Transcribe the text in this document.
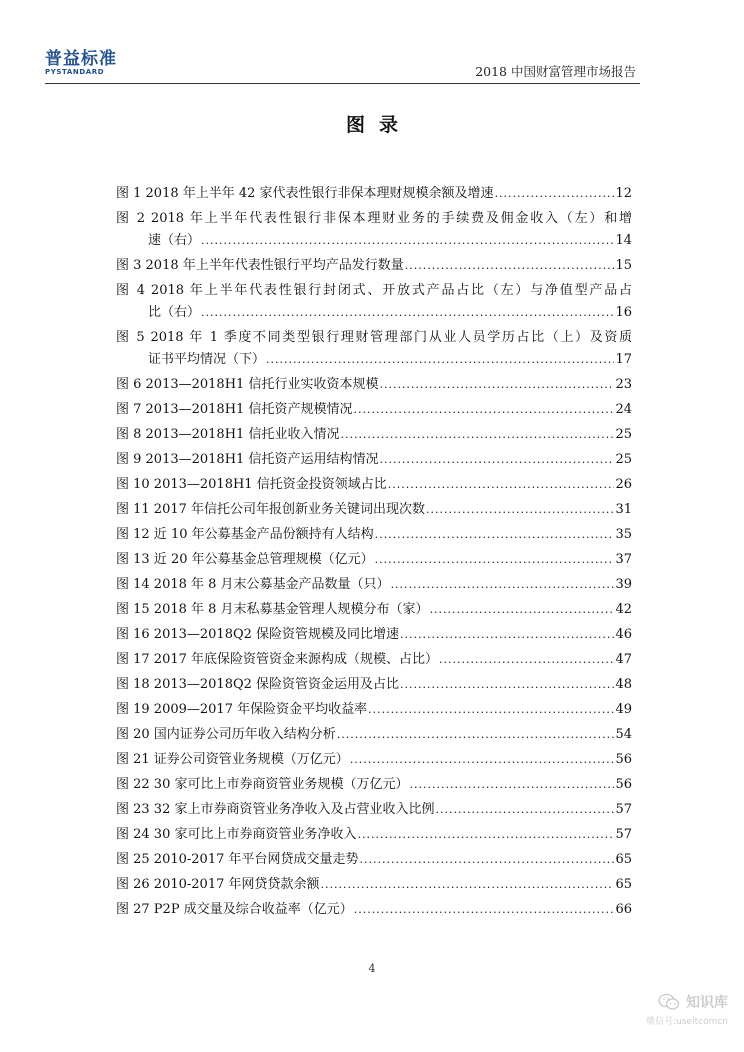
普益标准
PYSTANDARD	2018 中国财富管理市场报告
图录
图 1 2018 年上半年 42 家代表性银行非保本理财规模余额及增速 .....	12
图 2 2018 年上半年代表性银行非保本理财业务的手续费及佣金收入（左）和增
速（右） .....	14
图 3 2018 年上半年代表性银行平均产品发行数量 .....	15
图 4 2018 年上半年代表性银行封闭式、开放式产品占比（左）与净值型产品占
比（右） .....	16
图 5 2018 年 1 季度不同类型银行理财管理部门从业人员学历占比（上）及资质
证书平均情况（下） .....	17
图 6 2013—2018H1 信托行业实收资本规模 .....	23
图 7 2013—2018H1 信托资产规模情况 .....	24
图 8 2013—2018H1 信托业收入情况 .....	25
图 9 2013—2018H1 信托资产运用结构情况 .....	25
图 10 2013—2018H1 信托资金投资领域占比 .....	26
图 11 2017 年信托公司年报创新业务关键词出现次数 .....	31
图 12 近 10 年公募基金产品份额持有人结构 .....	35
图 13 近 20 年公募基金总管理规模（亿元） .....	37
图 14 2018 年 8 月末公募基金产品数量（只） .....	39
图 15 2018 年 8 月末私募基金管理人规模分布（家） .....	42
图 16 2013—2018Q2 保险资管规模及同比增速 .....	46
图 17 2017 年底保险资管资金来源构成（规模、占比） .....	47
图 18 2013—2018Q2 保险资管资金运用及占比 .....	48
图 19 2009—2017 年保险资金平均收益率 .....	49
图 20 国内证券公司历年收入结构分析 .....	54
图 21 证券公司资管业务规模（万亿元） .....	56
图 22 30 家可比上市券商资管业务规模（万亿元） .....	56
图 23 32 家上市券商资管业务净收入及占营业收入比例 .....	57
图 24 30 家可比上市券商资管业务净收入 .....	57
图 25 2010-2017 年平台网贷成交量走势 .....	65
图 26 2010-2017 年网贷贷款余额 .....	65
图 27 P2P 成交量及综合收益率（亿元） .....	66
4
知识库
微信号:useitcomcn
